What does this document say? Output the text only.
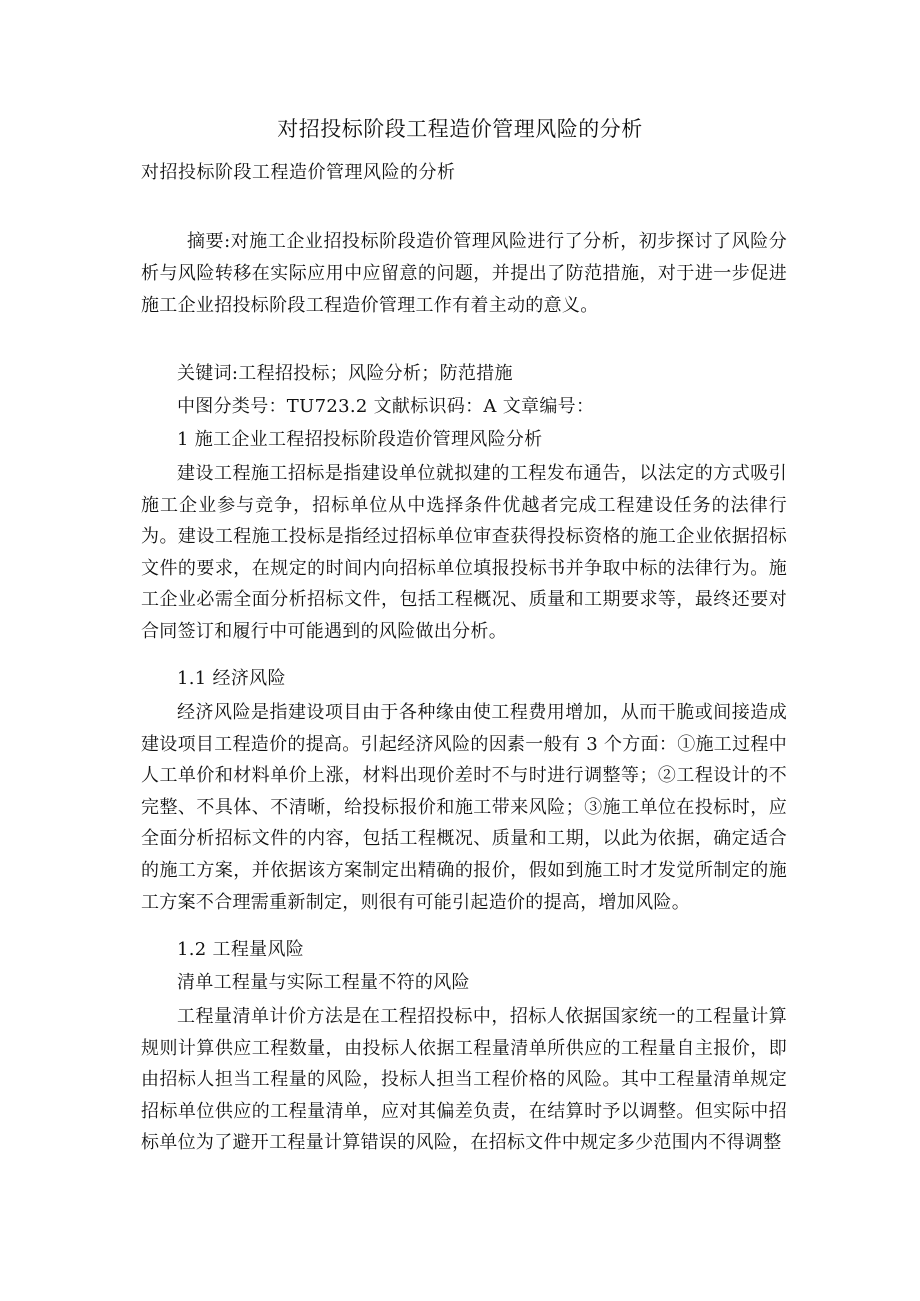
对招投标阶段工程造价管理风险的分析
对招投标阶段工程造价管理风险的分析
摘要:对施工企业招投标阶段造价管理风险进行了分析，初步探讨了风险分析与风险转移在实际应用中应留意的问题，并提出了防范措施，对于进一步促进施工企业招投标阶段工程造价管理工作有着主动的意义。
关键词:工程招投标；风险分析；防范措施
中图分类号：TU723.2 文献标识码：A 文章编号：
1 施工企业工程招投标阶段造价管理风险分析
建设工程施工招标是指建设单位就拟建的工程发布通告，以法定的方式吸引施工企业参与竞争，招标单位从中选择条件优越者完成工程建设任务的法律行为。建设工程施工投标是指经过招标单位审查获得投标资格的施工企业依据招标文件的要求，在规定的时间内向招标单位填报投标书并争取中标的法律行为。施工企业必需全面分析招标文件，包括工程概况、质量和工期要求等，最终还要对合同签订和履行中可能遇到的风险做出分析。
1.1 经济风险
经济风险是指建设项目由于各种缘由使工程费用增加，从而干脆或间接造成建设项目工程造价的提高。引起经济风险的因素一般有 3 个方面：①施工过程中人工单价和材料单价上涨，材料出现价差时不与时进行调整等；②工程设计的不完整、不具体、不清晰，给投标报价和施工带来风险；③施工单位在投标时，应全面分析招标文件的内容，包括工程概况、质量和工期，以此为依据，确定适合的施工方案，并依据该方案制定出精确的报价，假如到施工时才发觉所制定的施工方案不合理需重新制定，则很有可能引起造价的提高，增加风险。
1.2 工程量风险
清单工程量与实际工程量不符的风险
工程量清单计价方法是在工程招投标中，招标人依据国家统一的工程量计算规则计算供应工程数量，由投标人依据工程量清单所供应的工程量自主报价，即由招标人担当工程量的风险，投标人担当工程价格的风险。其中工程量清单规定招标单位供应的工程量清单，应对其偏差负责，在结算时予以调整。但实际中招标单位为了避开工程量计算错误的风险，在招标文件中规定多少范围内不得调整
